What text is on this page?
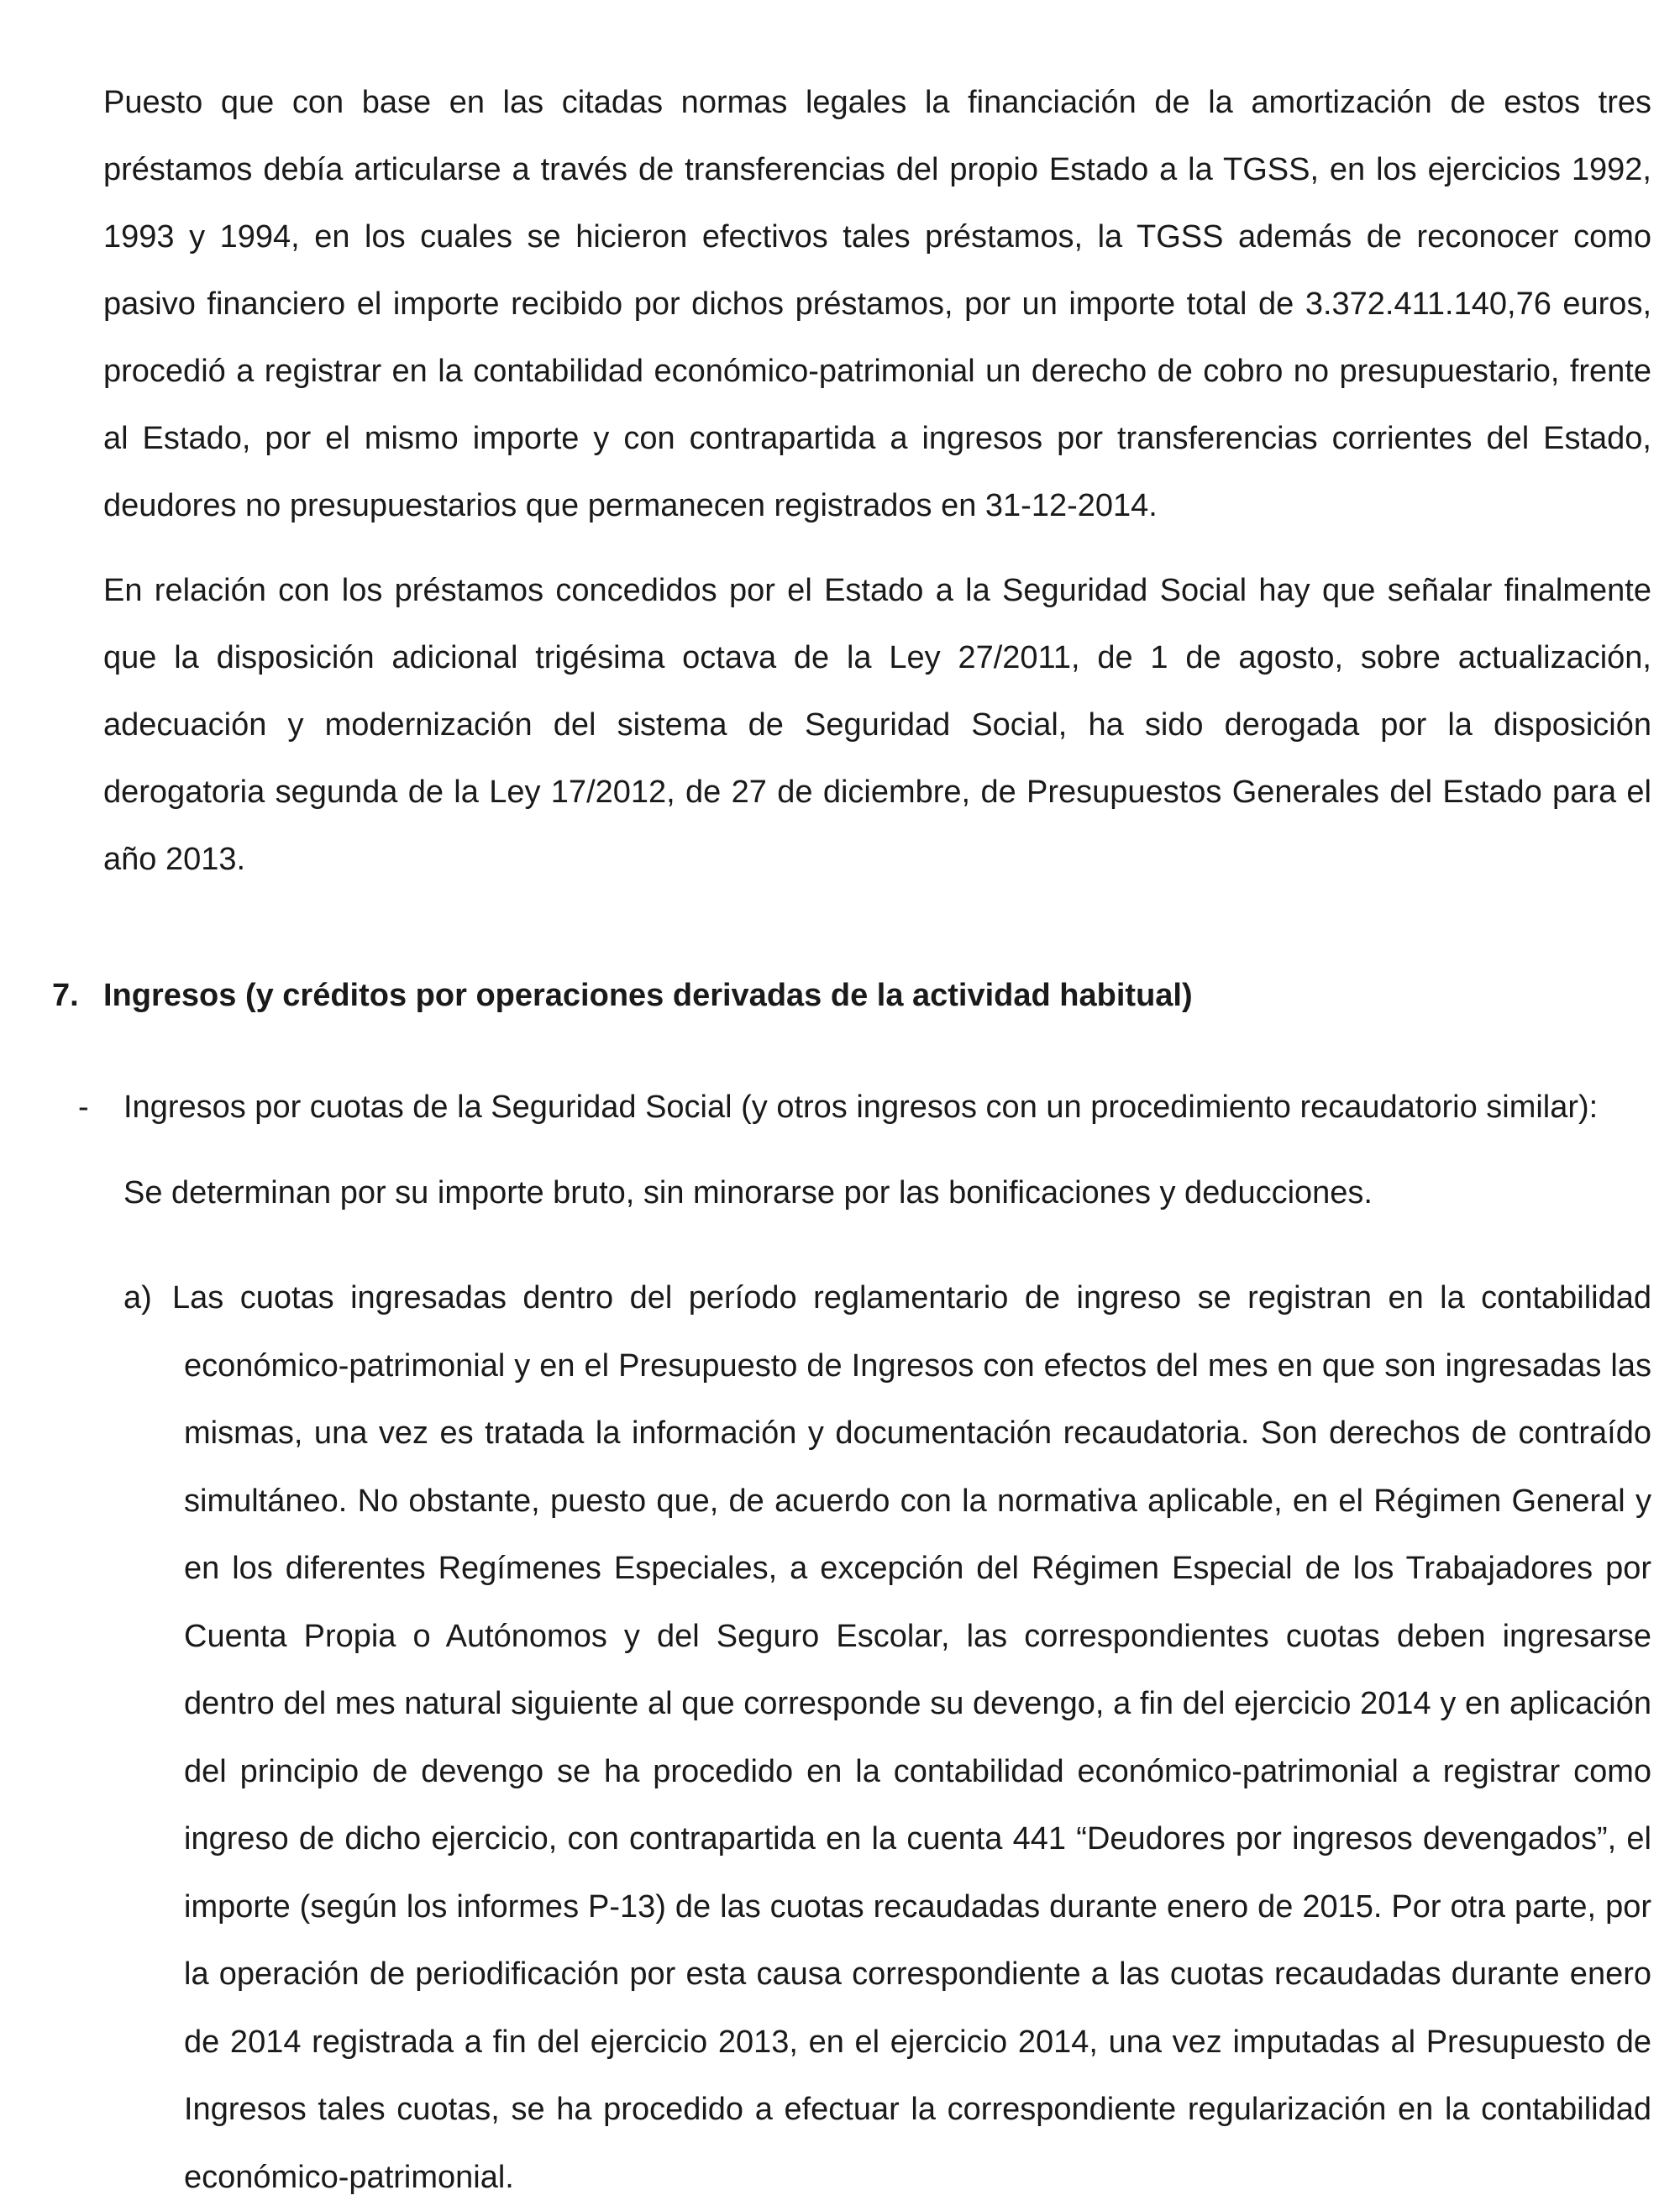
Puesto que con base en las citadas normas legales la financiación de la amortización de estos tres préstamos debía articularse a través de transferencias del propio Estado a la TGSS, en los ejercicios 1992, 1993 y 1994, en los cuales se hicieron efectivos tales préstamos, la TGSS además de reconocer como pasivo financiero el importe recibido por dichos préstamos, por un importe total de 3.372.411.140,76 euros, procedió a registrar en la contabilidad económico-patrimonial un derecho de cobro no presupuestario, frente al Estado, por el mismo importe y con contrapartida a ingresos por transferencias corrientes del Estado, deudores no presupuestarios que permanecen registrados en 31-12-2014.

En relación con los préstamos concedidos por el Estado a la Seguridad Social hay que señalar finalmente que la disposición adicional trigésima octava de la Ley 27/2011, de 1 de agosto, sobre actualización, adecuación y modernización del sistema de Seguridad Social, ha sido derogada por la disposición derogatoria segunda de la Ley 17/2012, de 27 de diciembre, de Presupuestos Generales del Estado para el año 2013.

7. Ingresos (y créditos por operaciones derivadas de la actividad habitual)
- Ingresos por cuotas de la Seguridad Social (y otros ingresos con un procedimiento recaudatorio similar):

Se determinan por su importe bruto, sin minorarse por las bonificaciones y deducciones.

a) Las cuotas ingresadas dentro del período reglamentario de ingreso se registran en la contabilidad económico-patrimonial y en el Presupuesto de Ingresos con efectos del mes en que son ingresadas las mismas, una vez es tratada la información y documentación recaudatoria. Son derechos de contraído simultáneo. No obstante, puesto que, de acuerdo con la normativa aplicable, en el Régimen General y en los diferentes Regímenes Especiales, a excepción del Régimen Especial de los Trabajadores por Cuenta Propia o Autónomos y del Seguro Escolar, las correspondientes cuotas deben ingresarse dentro del mes natural siguiente al que corresponde su devengo, a fin del ejercicio 2014 y en aplicación del principio de devengo se ha procedido en la contabilidad económico-patrimonial a registrar como ingreso de dicho ejercicio, con contrapartida en la cuenta 441 “Deudores por ingresos devengados”, el importe (según los informes P-13) de las cuotas recaudadas durante enero de 2015. Por otra parte, por la operación de periodificación por esta causa correspondiente a las cuotas recaudadas durante enero de 2014 registrada a fin del ejercicio 2013, en el ejercicio 2014, una vez imputadas al Presupuesto de Ingresos tales cuotas, se ha procedido a efectuar la correspondiente regularización en la contabilidad económico-patrimonial.
